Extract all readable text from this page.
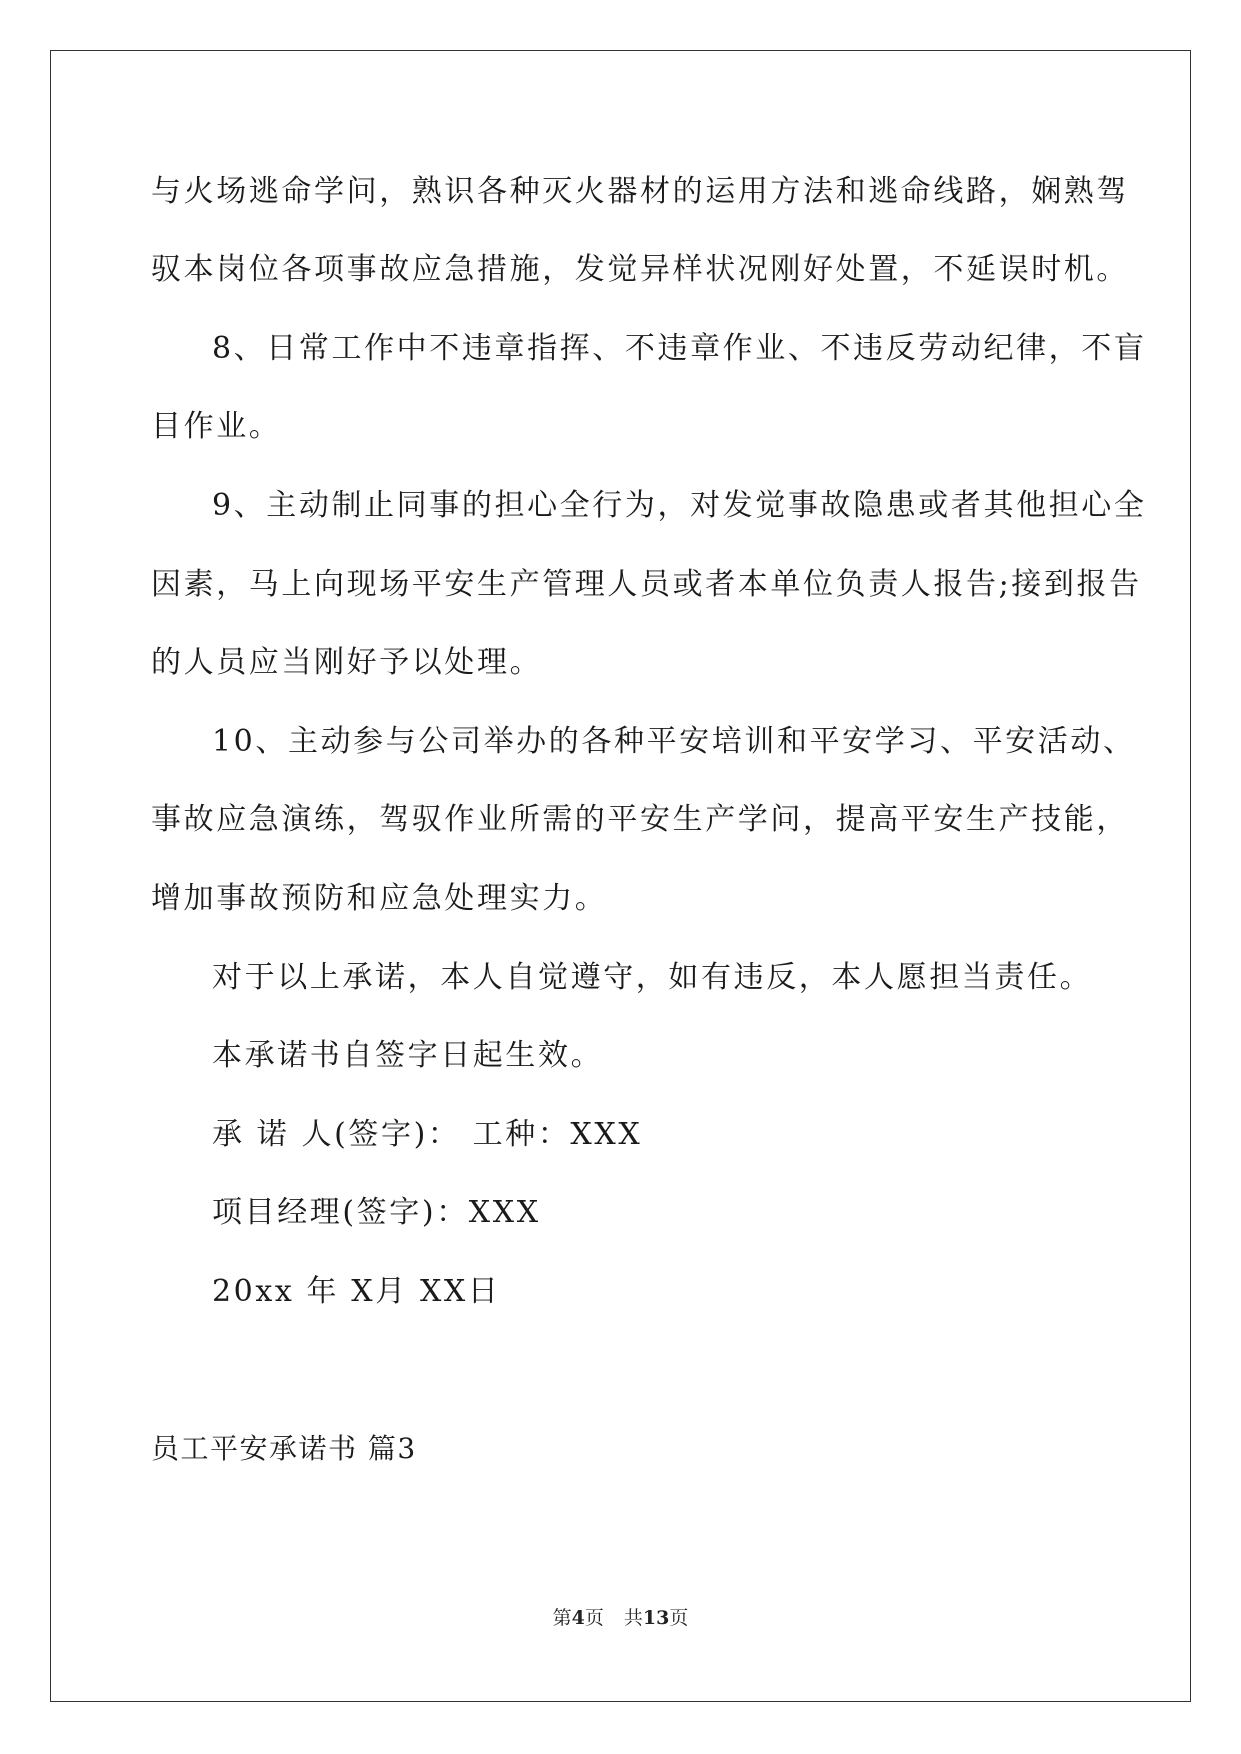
与火场逃命学问，熟识各种灭火器材的运用方法和逃命线路，娴熟驾
驭本岗位各项事故应急措施，发觉异样状况刚好处置，不延误时机。
8、日常工作中不违章指挥、不违章作业、不违反劳动纪律，不盲
目作业。
9、主动制止同事的担心全行为，对发觉事故隐患或者其他担心全
因素，马上向现场平安生产管理人员或者本单位负责人报告;接到报告
的人员应当刚好予以处理。
10、主动参与公司举办的各种平安培训和平安学习、平安活动、
事故应急演练，驾驭作业所需的平安生产学问，提高平安生产技能，
增加事故预防和应急处理实力。
对于以上承诺，本人自觉遵守，如有违反，本人愿担当责任。
本承诺书自签字日起生效。
承 诺 人(签字)： 工种：XXX
项目经理(签字)：XXX
20xx 年 X月 XX日
员工平安承诺书 篇3
第4页 共13页
